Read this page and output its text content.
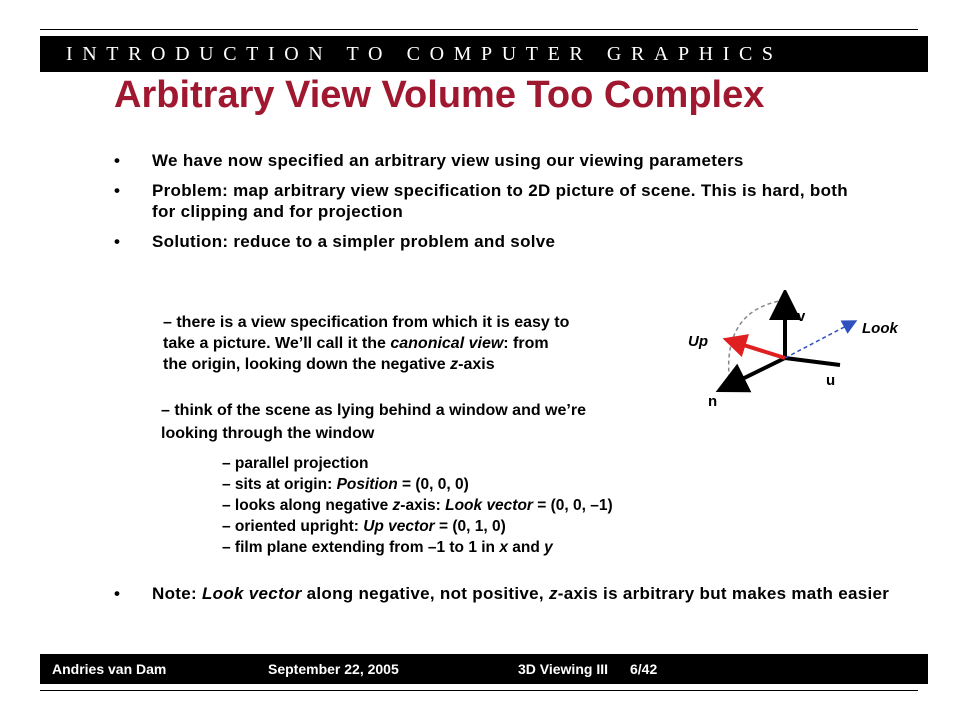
INTRODUCTION TO COMPUTER GRAPHICS
Arbitrary View Volume Too Complex
• We have now specified an arbitrary view using our viewing parameters
• Problem: map arbitrary view specification to 2D picture of scene. This is hard, both for clipping and for projection
• Solution: reduce to a simpler problem and solve
– there is a view specification from which it is easy to
take a picture. We’ll call it the canonical view: from
the origin, looking down the negative z-axis
– think of the scene as lying behind a window and we’re
looking through the window
– parallel projection
– sits at origin: Position = (0, 0, 0)
– looks along negative z-axis: Look vector = (0, 0, –1)
– oriented upright: Up vector = (0, 1, 0)
– film plane extending from –1 to 1 in x and y
• Note: Look vector along negative, not positive, z-axis is arbitrary but makes math easier
v
Look
Up
u
n
Andries van Dam	September 22, 2005	3D Viewing III 6/42
